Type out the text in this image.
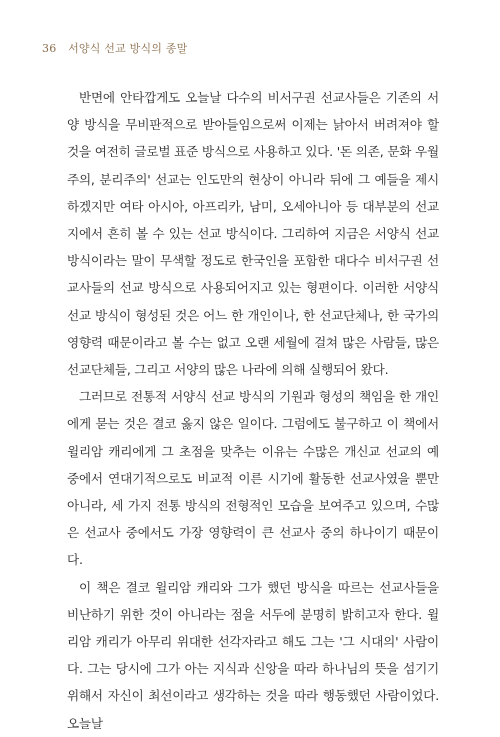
36 서양식 선교 방식의 종말

반면에 안타깝게도 오늘날 다수의 비서구권 선교사들은 기존의 서양 방식을 무비판적으로 받아들임으로써 이제는 낡아서 버려져야 할 것을 여전히 글로벌 표준 방식으로 사용하고 있다. '돈 의존, 문화 우월주의, 분리주의' 선교는 인도만의 현상이 아니라 뒤에 그 예들을 제시하겠지만 여타 아시아, 아프리카, 남미, 오세아니아 등 대부분의 선교지에서 흔히 볼 수 있는 선교 방식이다. 그리하여 지금은 서양식 선교 방식이라는 말이 무색할 정도로 한국인을 포함한 대다수 비서구권 선교사들의 선교 방식으로 사용되어지고 있는 형편이다. 이러한 서양식 선교 방식이 형성된 것은 어느 한 개인이나, 한 선교단체나, 한 국가의 영향력 때문이라고 볼 수는 없고 오랜 세월에 걸쳐 많은 사람들, 많은 선교단체들, 그리고 서양의 많은 나라에 의해 실행되어 왔다.

그러므로 전통적 서양식 선교 방식의 기원과 형성의 책임을 한 개인에게 묻는 것은 결코 옳지 않은 일이다. 그럼에도 불구하고 이 책에서 윌리암 캐리에게 그 초점을 맞추는 이유는 수많은 개신교 선교의 예 중에서 연대기적으로도 비교적 이른 시기에 활동한 선교사였을 뿐만 아니라, 세 가지 전통 방식의 전형적인 모습을 보여주고 있으며, 수많은 선교사 중에서도 가장 영향력이 큰 선교사 중의 하나이기 때문이다.

이 책은 결코 윌리암 캐리와 그가 했던 방식을 따르는 선교사들을 비난하기 위한 것이 아니라는 점을 서두에 분명히 밝히고자 한다. 윌리암 캐리가 아무리 위대한 선각자라고 해도 그는 '그 시대의' 사람이다. 그는 당시에 그가 아는 지식과 신앙을 따라 하나님의 뜻을 섬기기 위해서 자신이 최선이라고 생각하는 것을 따라 행동했던 사람이었다. 오늘날
